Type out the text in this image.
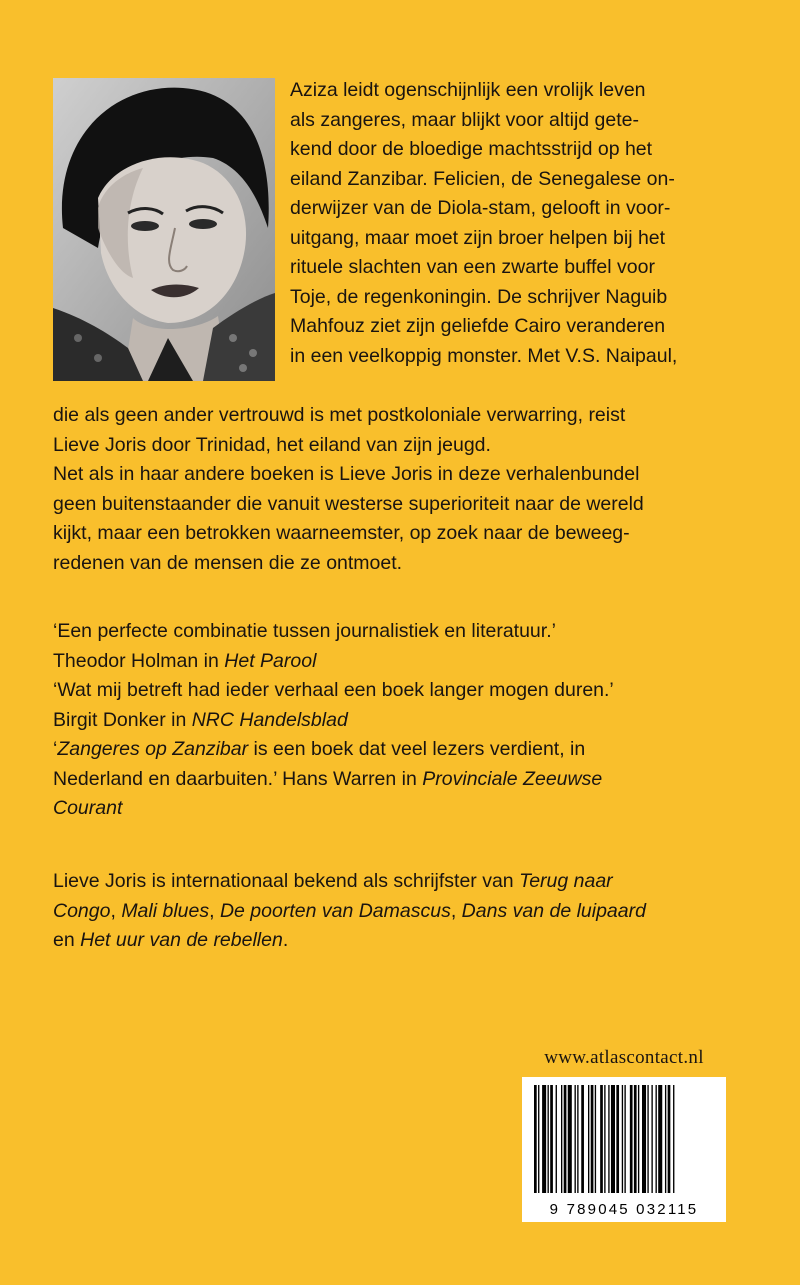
Aziza leidt ogenschijnlijk een vrolijk leven
als zangeres, maar blijkt voor altijd gete-
kend door de bloedige machtsstrijd op het
eiland Zanzibar. Felicien, de Senegalese on-
derwijzer van de Diola-stam, gelooft in voor-
uitgang, maar moet zijn broer helpen bij het
rituele slachten van een zwarte buffel voor
Toje, de regenkoningin. De schrijver Naguib
Mahfouz ziet zijn geliefde Cairo veranderen
in een veelkoppig monster. Met V.S. Naipaul,
die als geen ander vertrouwd is met postkoloniale verwarring, reist
Lieve Joris door Trinidad, het eiland van zijn jeugd.
Net als in haar andere boeken is Lieve Joris in deze verhalenbundel
geen buitenstaander die vanuit westerse superioriteit naar de wereld
kijkt, maar een betrokken waarneemster, op zoek naar de beweeg-
redenen van de mensen die ze ontmoet.
‘Een perfecte combinatie tussen journalistiek en literatuur.’
Theodor Holman in Het Parool
‘Wat mij betreft had ieder verhaal een boek langer mogen duren.’
Birgit Donker in NRC Handelsblad
‘Zangeres op Zanzibar is een boek dat veel lezers verdient, in
Nederland en daarbuiten.’ Hans Warren in Provinciale Zeeuwse
Courant
Lieve Joris is internationaal bekend als schrijfster van Terug naar
Congo, Mali blues, De poorten van Damascus, Dans van de luipaard
en Het uur van de rebellen.
www.atlascontact.nl
9 789045 032115
